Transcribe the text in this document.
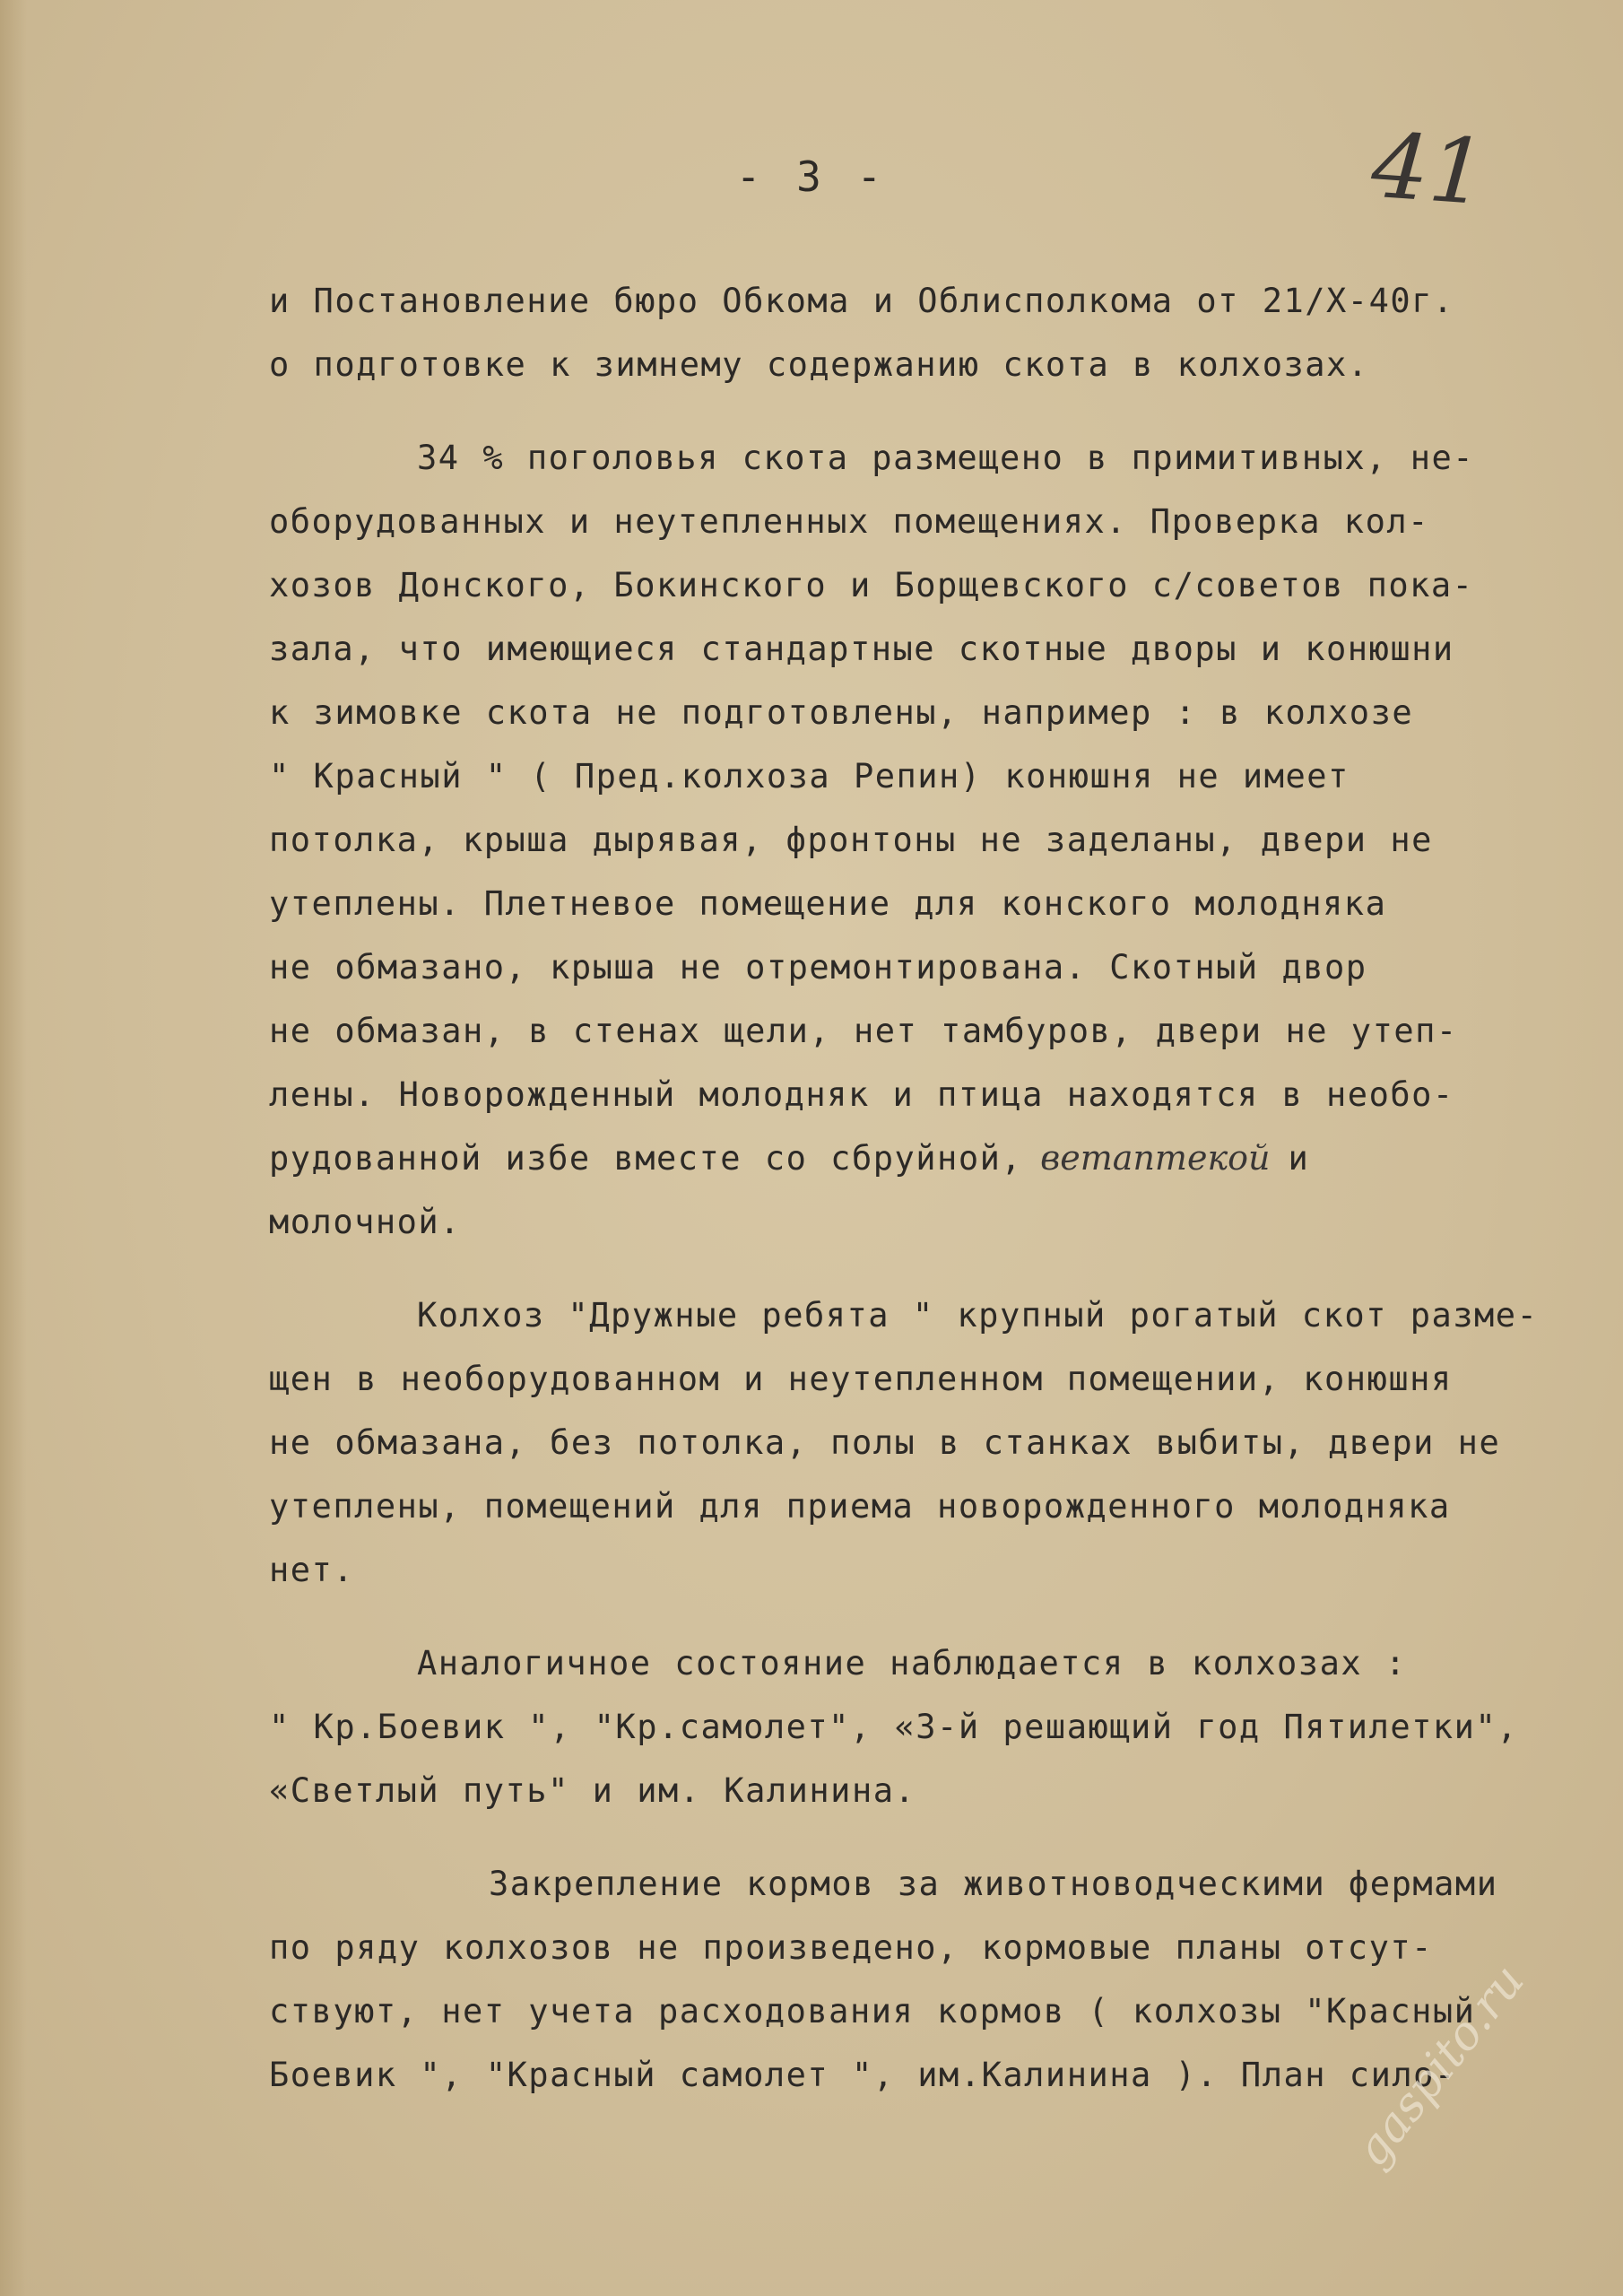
- 3 -	41
и Постановление бюро Обкома и Облисполкома от 21/Х-40г.
о подготовке к зимнему содержанию скота в колхозах.
34 % поголовья скота размещено в примитивных, не-
оборудованных и неутепленных помещениях. Проверка кол-
хозов Донского, Бокинского и Борщевского с/советов пока-
зала, что имеющиеся стандартные скотные дворы и конюшни
к зимовке скота не подготовлены, например : в колхозе
" Красный " ( Пред.колхоза Репин) конюшня не имеет
потолка, крыша дырявая, фронтоны не заделаны, двери не
утеплены. Плетневое помещение для конского молодняка
не обмазано, крыша не отремонтирована. Скотный двор
не обмазан, в стенах щели, нет тамбуров, двери не утеп-
лены. Новорожденный молодняк и птица находятся в необо-
рудованной избе вместе со сбруйной, ветаптекой и
молочной.
Колхоз "Дружные ребята " крупный рогатый скот разме-
щен в необорудованном и неутепленном помещении, конюшня
не обмазана, без потолка, полы в станках выбиты, двери не
утеплены, помещений для приема новорожденного молодняка
нет.
Аналогичное состояние наблюдается в колхозах :
" Кр.Боевик ", "Кр.самолет", «3-й решающий год Пятилетки",
«Светлый путь" и им. Калинина.
Закрепление кормов за животноводческими фермами
по ряду колхозов не произведено, кормовые планы отсут-
ствуют, нет учета расходования кормов ( колхозы "Красный
Боевик ", "Красный самолет ", им.Калинина ). План сило-
gaspito.ru
